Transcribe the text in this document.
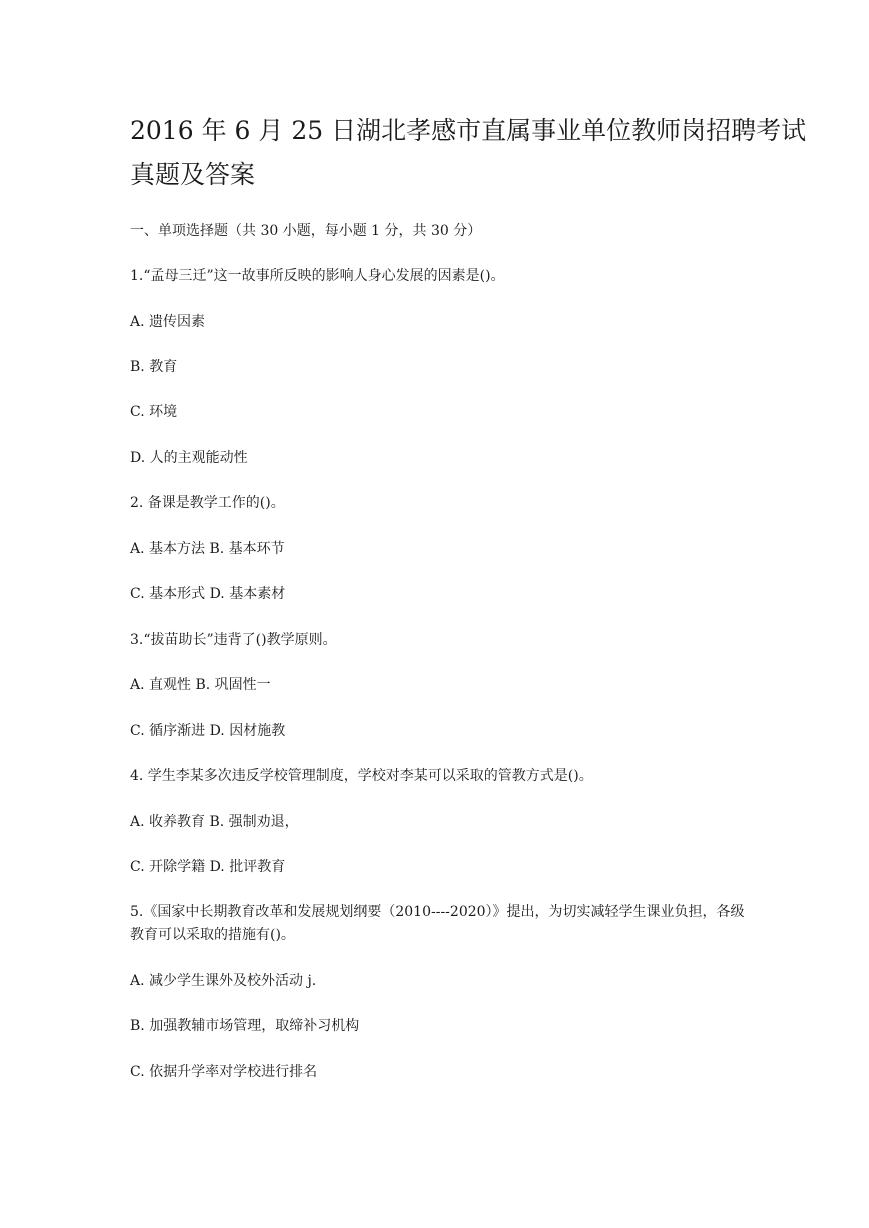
2016 年 6 月 25 日湖北孝感市直属事业单位教师岗招聘考试
真题及答案

一、单项选择题（共 30 小题，每小题 1 分，共 30 分）

1.“孟母三迁”这一故事所反映的影响人身心发展的因素是()。

A. 遗传因素

B. 教育

C. 环境

D. 人的主观能动性

2. 备课是教学工作的()。

A. 基本方法 B. 基本环节

C. 基本形式 D. 基本素材

3.“拔苗助长”违背了()教学原则。

A. 直观性 B. 巩固性一

C. 循序渐进 D. 因材施教

4. 学生李某多次违反学校管理制度，学校对李某可以采取的管教方式是()。

A. 收养教育 B. 强制劝退，

C. 开除学籍 D. 批评教育

5.《国家中长期教育改革和发展规划纲要（2010----2020）》提出，为切实减轻学生课业负担，各级教育可以采取的措施有()。

A. 减少学生课外及校外活动 j.

B. 加强教辅市场管理，取缔补习机构

C. 依据升学率对学校进行排名
